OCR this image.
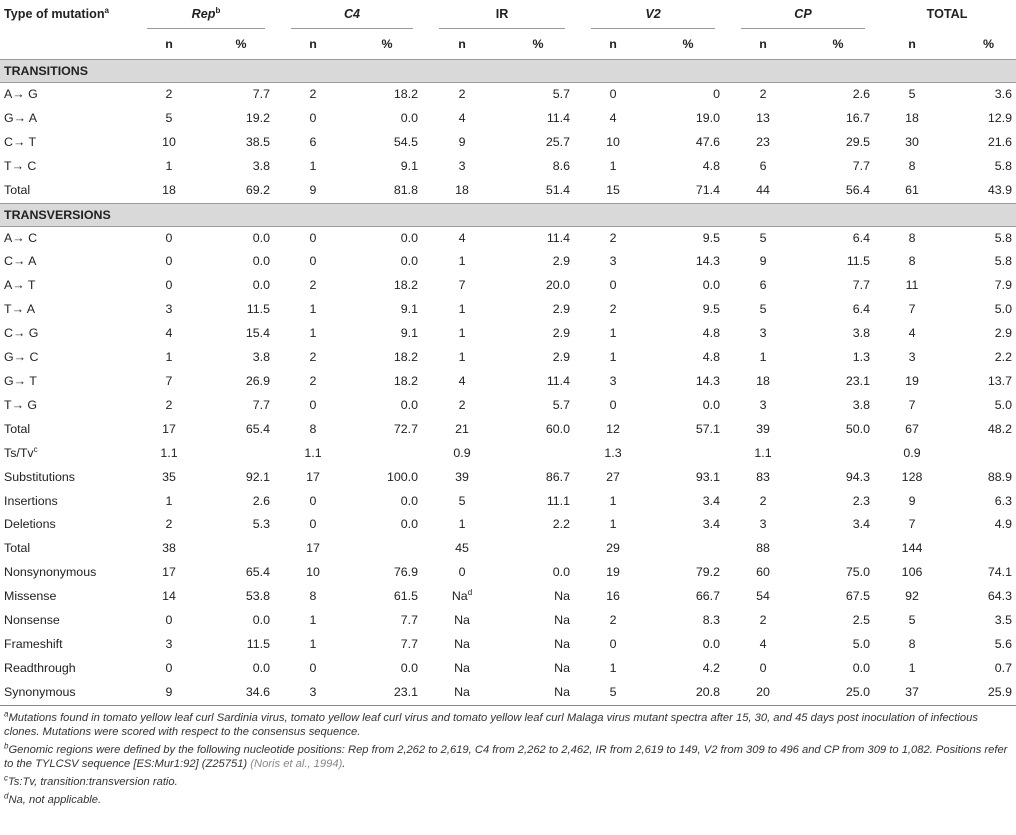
Type of mutation$^a$	Rep$^b$		C4		IR		V2		CP		TOTAL	
	n	%	n	%	n	%	n	%	n	%	n	%
TRANSITIONS												
A→ G	2	7.7	2	18.2	2	5.7	0	0	2	2.6	5	3.6
G→ A	5	19.2	0	0.0	4	11.4	4	19.0	13	16.7	18	12.9
C→ T	10	38.5	6	54.5	9	25.7	10	47.6	23	29.5	30	21.6
T→ C	1	3.8	1	9.1	3	8.6	1	4.8	6	7.7	8	5.8
Total	18	69.2	9	81.8	18	51.4	15	71.4	44	56.4	61	43.9
TRANSVERSIONS												
A→ C	0	0.0	0	0.0	4	11.4	2	9.5	5	6.4	8	5.8
C→ A	0	0.0	0	0.0	1	2.9	3	14.3	9	11.5	8	5.8
A→ T	0	0.0	2	18.2	7	20.0	0	0.0	6	7.7	11	7.9
T→ A	3	11.5	1	9.1	1	2.9	2	9.5	5	6.4	7	5.0
C→ G	4	15.4	1	9.1	1	2.9	1	4.8	3	3.8	4	2.9
G→ C	1	3.8	2	18.2	1	2.9	1	4.8	1	1.3	3	2.2
G→ T	7	26.9	2	18.2	4	11.4	3	14.3	18	23.1	19	13.7
T→ G	2	7.7	0	0.0	2	5.7	0	0.0	3	3.8	7	5.0
Total	17	65.4	8	72.7	21	60.0	12	57.1	39	50.0	67	48.2
Ts/Tv$^c$	1.1		1.1		0.9		1.3		1.1		0.9	
Substitutions	35	92.1	17	100.0	39	86.7	27	93.1	83	94.3	128	88.9
Insertions	1	2.6	0	0.0	5	11.1	1	3.4	2	2.3	9	6.3
Deletions	2	5.3	0	0.0	1	2.2	1	3.4	3	3.4	7	4.9
Total	38		17		45		29		88		144	
Nonsynonymous	17	65.4	10	76.9	0	0.0	19	79.2	60	75.0	106	74.1
Missense	14	53.8	8	61.5	Na$^d$	Na	16	66.7	54	67.5	92	64.3
Nonsense	0	0.0	1	7.7	Na	Na	2	8.3	2	2.5	5	3.5
Frameshift	3	11.5	1	7.7	Na	Na	0	0.0	4	5.0	8	5.6
Readthrough	0	0.0	0	0.0	Na	Na	1	4.2	0	0.0	1	0.7
Synonymous	9	34.6	3	23.1	Na	Na	5	20.8	20	25.0	37	25.9

$^a$Mutations found in tomato yellow leaf curl Sardinia virus, tomato yellow leaf curl virus and tomato yellow leaf curl Malaga virus mutant spectra after 15, 30, and 45 days post inoculation of infectious clones. Mutations were scored with respect to the consensus sequence.

$^b$Genomic regions were defined by the following nucleotide positions: Rep from 2,262 to 2,619, C4 from 2,262 to 2,462, IR from 2,619 to 149, V2 from 309 to 496 and CP from 309 to 1,082. Positions refer to the TYLCSV sequence [ES:Mur1:92] (Z25751) (Noris et al., 1994).

$^c$Ts:Tv, transition:transversion ratio.

$^d$Na, not applicable.
